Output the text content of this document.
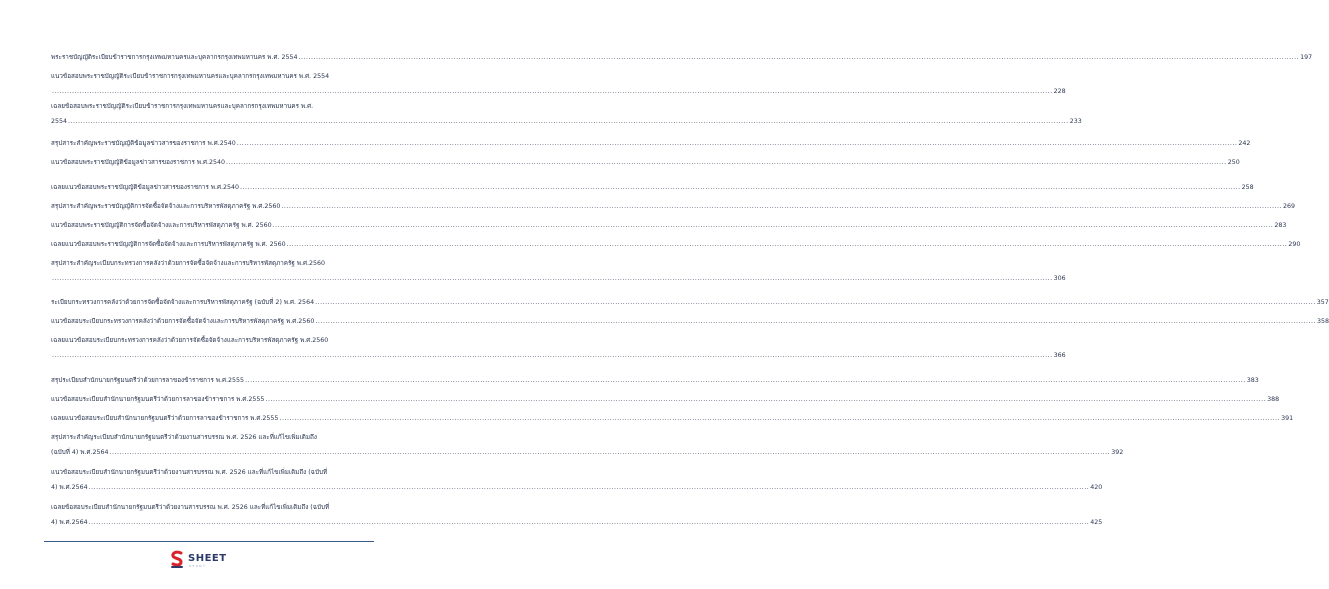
พระราชบัญญัติระเบียบข้าราชการกรุงเทพมหานครและบุคลากรกรุงเทพมหานคร พ.ศ. 2554 ................................................................................................................................................................................................................................................................................................................................................................................................................ 197
แนวข้อสอบพระราชบัญญัติระเบียบข้าราชการกรุงเทพมหานครและบุคลากรกรุงเทพมหานคร พ.ศ. 2554
................................................................................................................................................................................................................................................................................................................................................................................................................ 228
เฉลยข้อสอบพระราชบัญญัติระเบียบข้าราชการกรุงเทพมหานครและบุคลากรกรุงเทพมหานคร พ.ศ.
2554 ................................................................................................................................................................................................................................................................................................................................................................................................................ 233
สรุปสาระสำคัญพระราชบัญญัติข้อมูลข่าวสารของราชการ พ.ศ.2540 ................................................................................................................................................................................................................................................................................................................................................................................................................ 242
แนวข้อสอบพระราชบัญญัติข้อมูลข่าวสารของราชการ พ.ศ.2540 ................................................................................................................................................................................................................................................................................................................................................................................................................ 250
เฉลยแนวข้อสอบพระราชบัญญัติข้อมูลข่าวสารของราชการ พ.ศ.2540 ................................................................................................................................................................................................................................................................................................................................................................................................................ 258
สรุปสาระสำคัญพระราชบัญญัติการจัดซื้อจัดจ้างและการบริหารพัสดุภาครัฐ พ.ศ.2560 ................................................................................................................................................................................................................................................................................................................................................................................................................ 269
แนวข้อสอบพระราชบัญญัติการจัดซื้อจัดจ้างและการบริหารพัสดุภาครัฐ พ.ศ. 2560 ................................................................................................................................................................................................................................................................................................................................................................................................................ 283
เฉลยแนวข้อสอบพระราชบัญญัติการจัดซื้อจัดจ้างและการบริหารพัสดุภาครัฐ พ.ศ. 2560 ................................................................................................................................................................................................................................................................................................................................................................................................................ 290
สรุปสาระสำคัญระเบียบกระทรวงการคลังว่าด้วยการจัดซื้อจัดจ้างและการบริหารพัสดุภาครัฐ พ.ศ.2560
................................................................................................................................................................................................................................................................................................................................................................................................................ 306
ระเบียบกระทรวงการคลังว่าด้วยการจัดซื้อจัดจ้างและการบริหารพัสดุภาครัฐ (ฉบับที่ 2) พ.ศ. 2564 ................................................................................................................................................................................................................................................................................................................................................................................................................ 357
แนวข้อสอบระเบียบกระทรวงการคลังว่าด้วยการจัดซื้อจัดจ้างและการบริหารพัสดุภาครัฐ พ.ศ.2560 ................................................................................................................................................................................................................................................................................................................................................................................................................ 358
เฉลยแนวข้อสอบระเบียบกระทรวงการคลังว่าด้วยการจัดซื้อจัดจ้างและการบริหารพัสดุภาครัฐ พ.ศ.2560
................................................................................................................................................................................................................................................................................................................................................................................................................ 366
สรุประเบียบสำนักนายกรัฐมนตรีว่าด้วยการลาของข้าราชการ พ.ศ.2555 ................................................................................................................................................................................................................................................................................................................................................................................................................ 383
แนวข้อสอบระเบียบสำนักนายกรัฐมนตรีว่าด้วยการลาของข้าราชการ พ.ศ.2555 ................................................................................................................................................................................................................................................................................................................................................................................................................ 388
เฉลยแนวข้อสอบระเบียบสำนักนายกรัฐมนตรีว่าด้วยการลาของข้าราชการ พ.ศ.2555 ................................................................................................................................................................................................................................................................................................................................................................................................................ 391
สรุปสาระสำคัญระเบียบสำนักนายกรัฐมนตรีว่าด้วยงานสารบรรณ พ.ศ. 2526 และที่แก้ไขเพิ่มเติมถึง
(ฉบับที่ 4) พ.ศ.2564 ................................................................................................................................................................................................................................................................................................................................................................................................................ 392
แนวข้อสอบระเบียบสำนักนายกรัฐมนตรีว่าด้วยงานสารบรรณ พ.ศ. 2526 และที่แก้ไขเพิ่มเติมถึง (ฉบับที่
4) พ.ศ.2564 ................................................................................................................................................................................................................................................................................................................................................................................................................ 420
เฉลยข้อสอบระเบียบสำนักนายกรัฐมนตรีว่าด้วยงานสารบรรณ พ.ศ. 2526 และที่แก้ไขเพิ่มเติมถึง (ฉบับที่
4) พ.ศ.2564 ................................................................................................................................................................................................................................................................................................................................................................................................................ 425
SHEET
STUDY
